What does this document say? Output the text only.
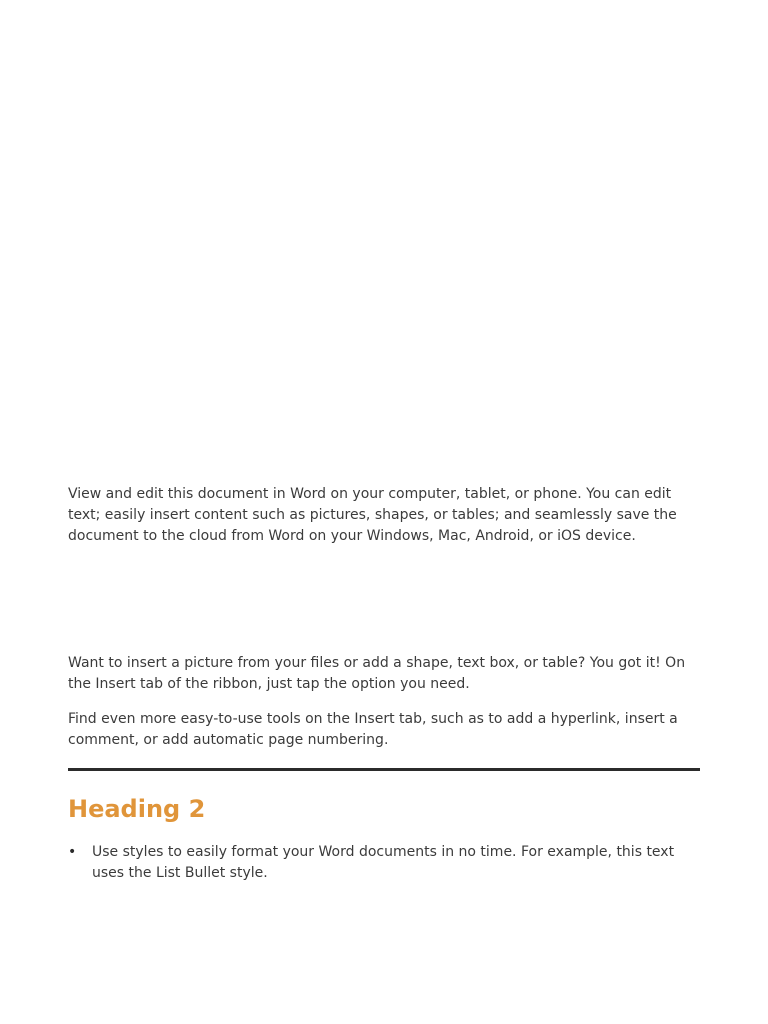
View and edit this document in Word on your computer, tablet, or phone. You can edit text; easily insert content such as pictures, shapes, or tables; and seamlessly save the document to the cloud from Word on your Windows, Mac, Android, or iOS device.

Want to insert a picture from your files or add a shape, text box, or table? You got it! On the Insert tab of the ribbon, just tap the option you need.

Find even more easy-to-use tools on the Insert tab, such as to add a hyperlink, insert a comment, or add automatic page numbering.

Heading 2
• Use styles to easily format your Word documents in no time. For example, this text uses the List Bullet style.
